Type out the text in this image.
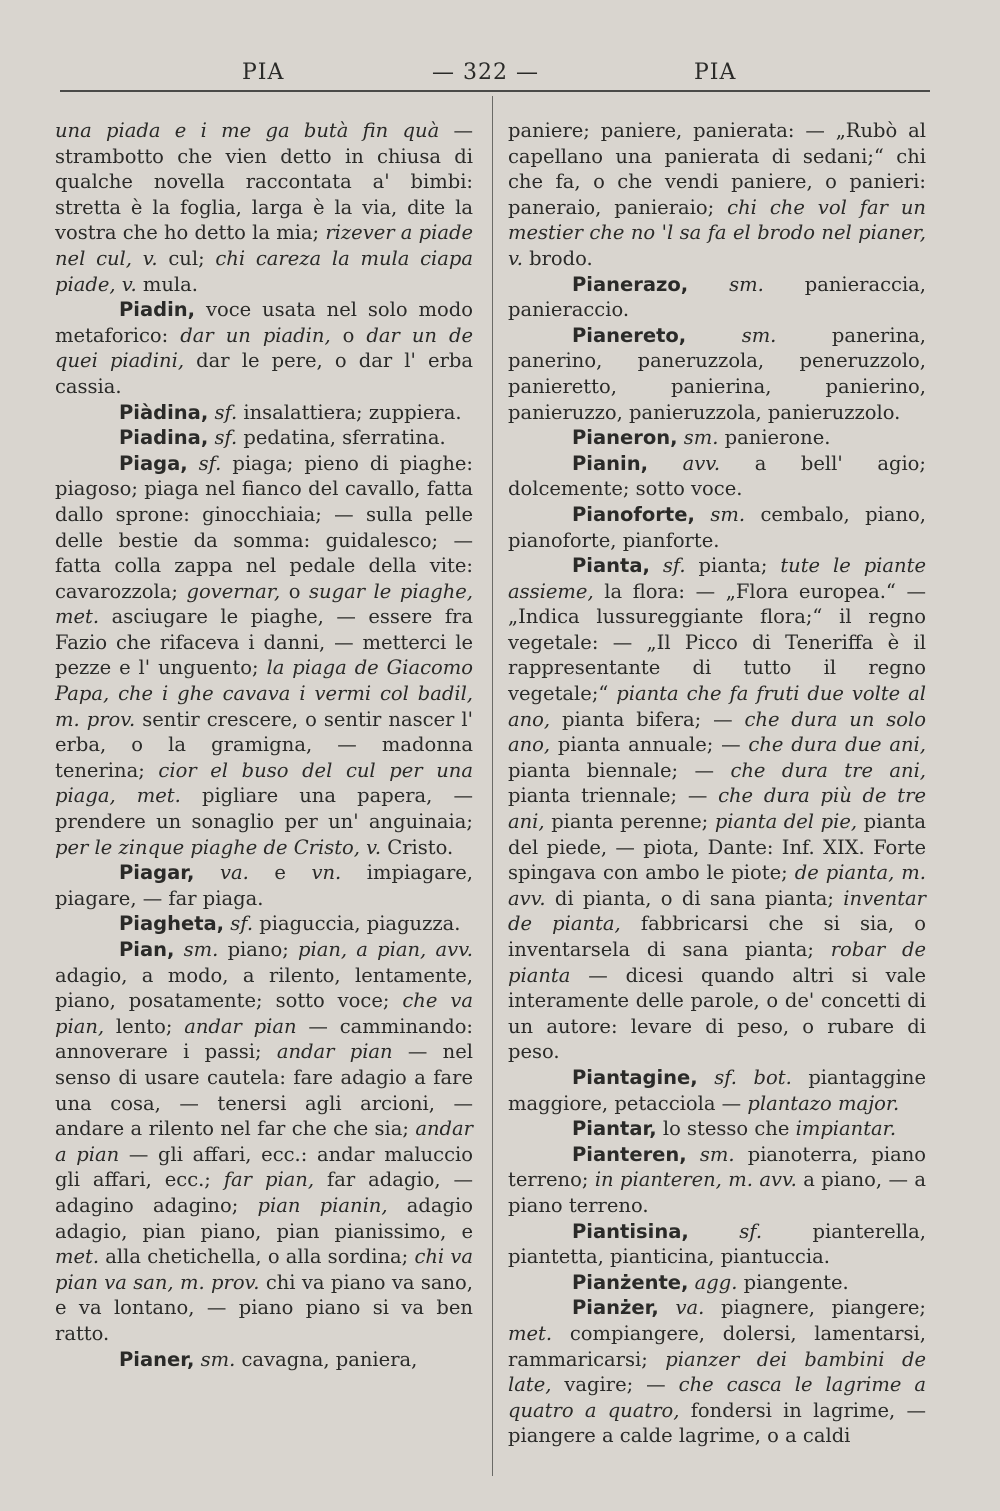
PIA	— 322 —	PIA

una piada e i me ga butà fin quà — strambotto che vien detto in chiusa di qualche novella raccontata a' bimbi: stretta è la foglia, larga è la via, dite la vostra che ho detto la mia; rizever a piade nel cul, v. cul; chi careza la mula ciapa piade, v. mula.

Piadin, voce usata nel solo modo metaforico: dar un piadin, o dar un de quei piadini, dar le pere, o dar l' erba cassia.

Piàdina, sf. insalattiera; zuppiera.

Piadina, sf. pedatina, sferratina.

Piaga, sf. piaga; pieno di piaghe: piagoso; piaga nel fianco del cavallo, fatta dallo sprone: ginocchiaia; — sulla pelle delle bestie da somma: guidalesco; — fatta colla zappa nel pedale della vite: cavarozzola; governar, o sugar le piaghe, met. asciugare le piaghe, — essere fra Fazio che rifaceva i danni, — metterci le pezze e l' unguento; la piaga de Giacomo Papa, che i ghe cavava i vermi col badil, m. prov. sentir crescere, o sentir nascer l' erba, o la gramigna, — madonna tenerina; cior el buso del cul per una piaga, met. pigliare una papera, — prendere un sonaglio per un' anguinaia; per le zinque piaghe de Cristo, v. Cristo.

Piagar, va. e vn. impiagare, piagare, — far piaga.

Piagheta, sf. piaguccia, piaguzza.

Pian, sm. piano; pian, a pian, avv. adagio, a modo, a rilento, lentamente, piano, posatamente; sotto voce; che va pian, lento; andar pian — camminando: annoverare i passi; andar pian — nel senso di usare cautela: fare adagio a fare una cosa, — tenersi agli arcioni, — andare a rilento nel far che che sia; andar a pian — gli affari, ecc.: andar maluccio gli affari, ecc.; far pian, far adagio, — adagino adagino; pian pianin, adagio adagio, pian piano, pian pianissimo, e met. alla chetichella, o alla sordina; chi va pian va san, m. prov. chi va piano va sano, e va lontano, — piano piano si va ben ratto.

Pianer, sm. cavagna, paniera,

paniere; paniere, panierata: — „Rubò al capellano una panierata di sedani;“ chi che fa, o che vendi paniere, o panieri: paneraio, panieraio; chi che vol far un mestier che no 'l sa fa el brodo nel pianer, v. brodo.

Pianerazo, sm. panieraccia, panieraccio.

Pianereto,	sm. panerina, panerino, paneruzzola, peneruzzolo, panieretto, panierina, panierino, panieruzzo, panieruzzola, panieruzzolo.

Pianeron, sm. panierone.

Pianin, avv. a bell' agio; dolcemente; sotto voce.

Pianoforte, sm. cembalo, piano, pianoforte, pianforte.

Pianta, sf. pianta; tute le piante assieme, la flora: — „Flora europea.“ — „Indica lussureggiante flora;“ il regno vegetale: — „Il Picco di Teneriffa è il rappresentante di tutto il regno vegetale;“ pianta che fa fruti due volte al ano, pianta bifera; — che dura un solo ano, pianta annuale; — che dura due ani, pianta biennale; — che dura tre ani, pianta triennale; — che dura più de tre ani, pianta perenne; pianta del pie, pianta del piede, — piota, Dante: Inf. XIX. Forte spingava con ambo le piote; de pianta, m. avv. di pianta, o di sana pianta; inventar de pianta, fabbricarsi che si sia, o inventarsela di sana pianta; robar de pianta — dicesi quando altri si vale interamente delle parole, o de' concetti di un autore: levare di peso, o rubare di peso.

Piantagine, sf. bot. piantaggine maggiore, petacciola — plantazo major.

Piantar, lo stesso che impiantar.

Pianteren, sm. pianoterra, piano terreno; in pianteren, m. avv. a piano, — a piano terreno.

Piantisina,	sf. pianterella, piantetta, pianticina, piantuccia.

Pianżente, agg. piangente.

Pianżer, va. piagnere, piangere; met. compiangere, dolersi, lamentarsi, rammaricarsi; pianzer dei bambini de late, vagire; — che casca le lagrime a quatro a quatro, fondersi in lagrime, — piangere a calde lagrime, o a caldi
